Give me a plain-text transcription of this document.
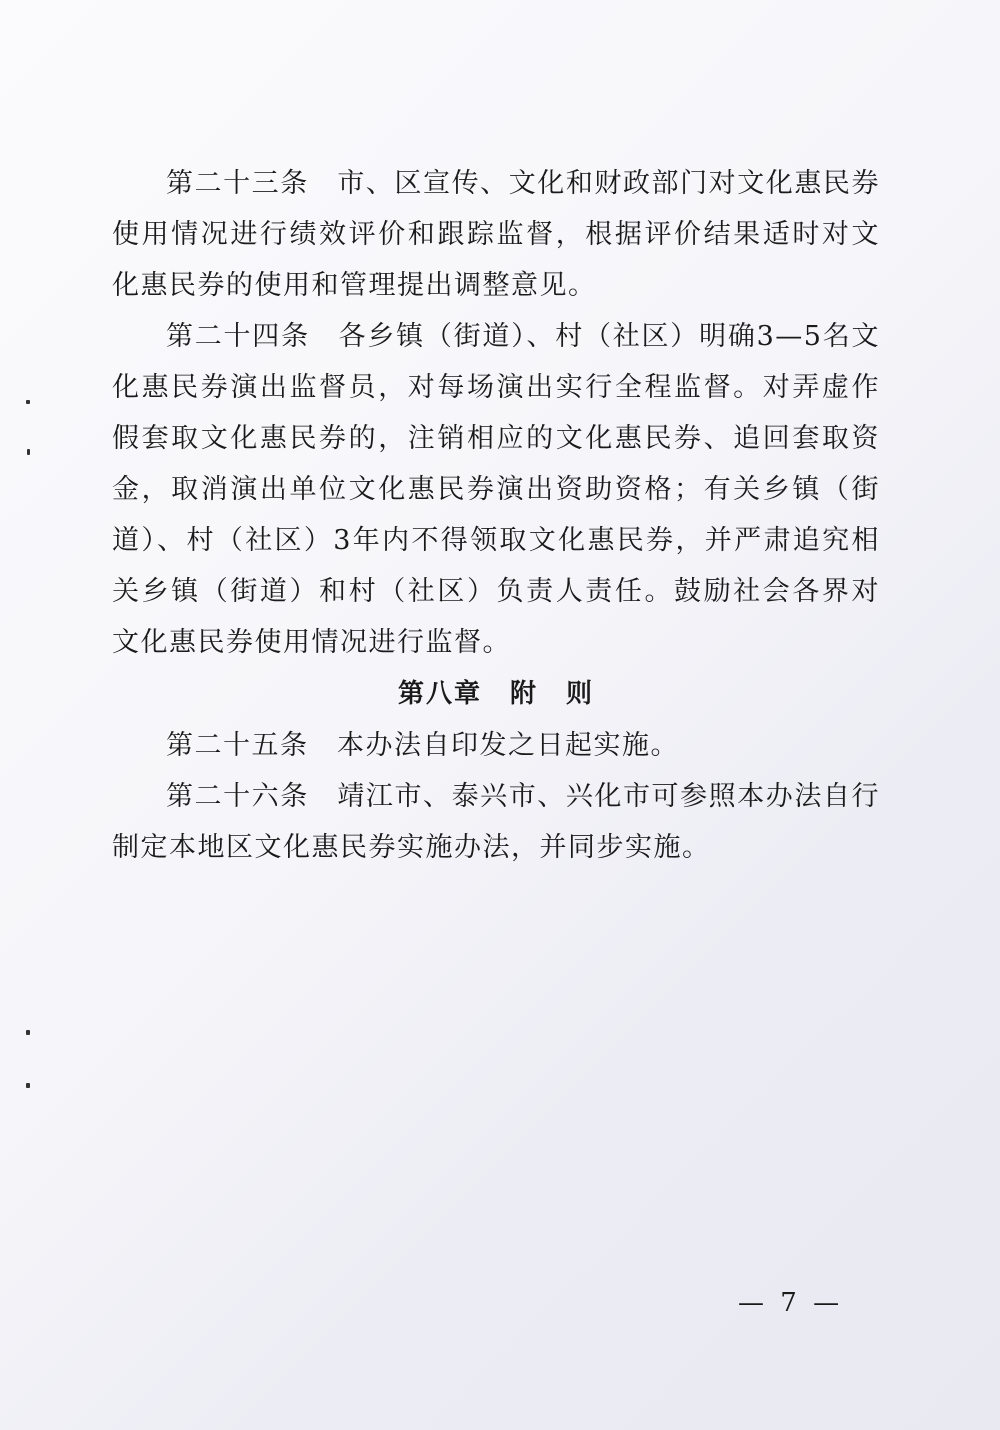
第二十三条　市、区宣传、文化和财政部门对文化惠民券使用情况进行绩效评价和跟踪监督，根据评价结果适时对文化惠民券的使用和管理提出调整意见。

第二十四条　各乡镇（街道）、村（社区）明确3—5名文化惠民券演出监督员，对每场演出实行全程监督。对弄虚作假套取文化惠民券的，注销相应的文化惠民券、追回套取资金，取消演出单位文化惠民券演出资助资格；有关乡镇（街道）、村（社区）3年内不得领取文化惠民券，并严肃追究相关乡镇（街道）和村（社区）负责人责任。鼓励社会各界对文化惠民券使用情况进行监督。

第八章　附　则

第二十五条　本办法自印发之日起实施。

第二十六条　靖江市、泰兴市、兴化市可参照本办法自行制定本地区文化惠民券实施办法，并同步实施。

— 7 —
